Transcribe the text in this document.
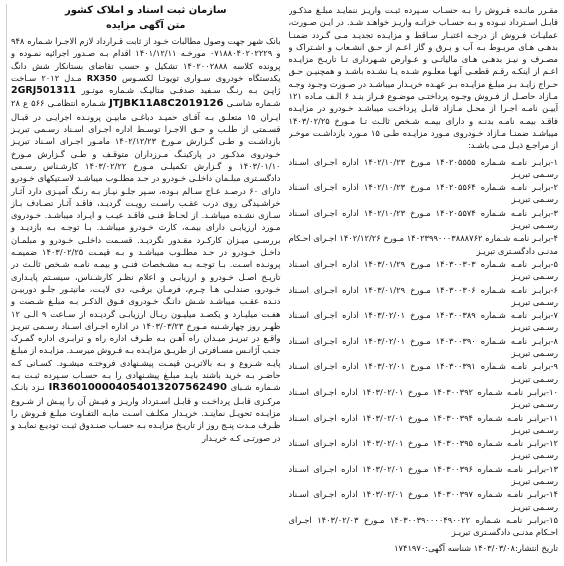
سازمان ثبت اسناد و املاک کشور
متن آگهی مزایده

بانک شهر جهت وصول مطالبات خـود از ثابت قـرارداد لازم الاجـرا شـماره ۹۴۸ و ۰۷۱۸۸۰۴۰۲۰۲۲۲۹ مورخـه ۱۴۰۱/۱۲/۱۱ اقدام بـه صـدور اجرائیه نمـوده و پرونده کلاسه ۱۴۰۲۰۰۲۸۸۸ تشکیل و حسب تقاضای بستانکار شش دانگ یکدستگاه خودروی سـواری تویوتـا لکسـوس RX350 مـدل ۲۰۱۲ سـاخت ژاپـن بـه رنـگ سـفید صدفـی متالیـک شـماره موتـور 2GRJ501311 شـماره شاسـی JTJBK11A8C2019126 شـماره انتظامـی ۵۶۶ ع ۲۸ ایـران ۱۵ متعلـق بـه آقـای حمیـد دباغـی مابیـن پرونـده اجرایـی در قبـال قسـمتی از طلـب و حـق الاجـرا توسـط اداره اجـرای اسـناد رسـمی تبریـز بازداشـت و طـی گـزارش مـورخ ۱۴۰۲/۱۲/۲۳ مامـور اجـرای اسـناد تبریـز خـودروی مذکـور در پارکینـگ مـرزداران متوقـف و طـی گـزارش مـورخ ۱۴۰۳/۰۱/۱۰ و گـزارش تکمیلـی مـورخ ۱۴۰۳/۰۲/۲۲ کارشـناس رسـمی دادگسـتری مبلـمان داخلـی خـودرو در حـد مطلـوب میباشـد لاسـتیکهای خـودرو دارای ۶۰ درصـد عـاج سـالم بـوده، سـپر جلـو نیـاز بـه رنـگ آمیـزی دارد آثـار خراشـیدگی روی درب عقـب راسـت رویـت گردیـد، فاقـد آثـار تصـادف بـاز سـازی نشـده میباشـد. از لحـاظ فنـی فاقـد عیـب و ایـراد میباشـد. خـودروی مـورد ارزیابـی دارای بیمـه، کارت خـودرو میباشـد. بـا توجـه بـه بازدیـد و بررسـی میـزان کارکـرد مقـدور نگردیـد. قسـمت داخلـی خـودرو و مبلمـان داخـل خـودرو در حـد مطلـوب میباشـد و بـه قیمـت ۱۴۰۳/۰۲/۲۵ ضمیمـه پرونـده اسـت. بـا توجـه بـه مشـخصات فنـی و بیمـه نامـه شـخص ثالـث در تاریـخ اصـل خـودرو و ارزیابـی و اعلام نظـر کارشـناس، سیسـتم پایـداری خـودرو، صندلـی هـا چـرم، فرمـان برقـی، دی لایـت، مانیتـور جلـو دوربیـن دنـده عقـب میباشـد شـش دانـگ خـودروی فـوق الذکـر بـه مبلـغ شـصت و هفـت میلیـارد و یکصـد میلیـون ریـال ارزیابـی گردیـده از سـاعت ۹ الـی ۱۲ ظهـر روز چهارشـنبه مـورخ ۱۴۰۳/۰۳/۲۳ در اداره اجـرای اسـناد رسـمی تبریـز واقـع در تبریـز میـدان راه آهـن بـه طـرف اداره راه و ترابـری اداره گمـرک جنـب آژانـس مسـافرتی از طریـق مزایـده بـه فـروش میرسـد. مزایـده از مبلـغ پایـه شـروع و بـه بالاتریـن قیمـت پیشـنهادی فروختـه میشـود. کسـانی کـه حاضـر بـه خرید باشند بایـد مبلـغ پیشـنهادی را بـه حسـاب سـپرده ثبـت بـه شـماره شـبای IR360100004054013207562490 نـزد بانـک مرکـزی قابـل پرداخـت و قابـل اسـترداد واریـز و فیـش آن را پیـش از شـروع مزایـده تحویـل نماینـد. خریـدار مکلـف اسـت مابـه التفـاوت مبلـغ فـروش را ظـرف مـدت پنـج روز از تاریـخ مزایـده بـه حسـاب صنـدوق ثبـت تودیـع نمایـد و در صورتـی کـه خریـدار

مقـرر مانـده فـروش را بـه حسـاب سـپرده ثبـت واریـز ننمایـد مبلـغ مذکـور قابـل اسـترداد نبـوده و بـه حسـاب خزانـه واریـز خواهـد شـد. در ایـن صـورت، عملیـات فـروش از درجـه اعتبـار سـاقط و مزایـده تجدیـد مـی گـردد ضمنـا بدهـی هـای مربـوط بـه آب و بـرق و گاز اعـم از حـق انشـعاب و اشـتراک و مصـرف و نیـز بدهـی هـای مالیاتـی و عـوارض شـهرداری تـا تاریـخ مزایـده اعـم از اینکـه رقـم قطعـی آنهـا معلـوم شـده یـا نشـده باشـد و همچنیـن حـق حـراج زایـد بـر مبلـغ مزایـده بـر عهـده خریـدار میباشـد در صـورت وجـود وجـه مـازاد حاصـل از فـروش وجـوه پرداختـی موضـوع فـراز بنـد ۶ الـف مـاده ۱۲۱ آییـن نامـه اجـرا از محـل مـازاد قابـل پرداخـت میباشـد خـودرو در مزایـده فاقـد بیمـه نامـه بدنـه و دارای بیمـه شـخص ثالـث تـا مـورخ ۱۴۰۳/۰۲/۲۵ میباشـد ضمنـا مـازاد خـودروی مـورد مزایـده طـی ۱۵ مـورد بازداشـت موخـر از مراجـع ذیـل مـی باشـد:

۱-برابـر نامـه شـماره ۱۴۰۲۰۵۵۵۵ مـورخ ۱۴۰۲/۱۰/۲۳ اداره اجـرای اسـناد رسـمی تبریـز
۲-برابـر نامـه شـماره ۱۴۰۲۰۵۵۶۴ مـورخ ۱۴۰۲/۱۰/۲۳ اداره اجـرای اسـناد رسـمی تبریـز
۳-برابـر نامـه شـماره ۱۴۰۲۰۵۵۷۴ مـورخ ۱۴۰۲/۱۰/۲۳ اداره اجـرای اسـناد رسـمی تبریـز
۴-برابـر نامـه شـماره ۱۴۰۲۳۹۹۰۰۰۳۸۸۸۷۶۲ مـورخ ۱۴۰۲/۱۲/۲۶ اجـرای احـکام مدنـی دادگسـتری تبریـز
۵-برابـر نامـه شـماره ۱۴۰۳۰۰۳۰۳ مـورخ ۱۴۰۳/۰۱/۲۹ اداره اجـرای اسـناد رسـمی تبریـز
۶-برابـر نامـه شـماره ۱۴۰۳۰۰۳۰۶ مـورخ ۱۴۰۳/۰۱/۲۹ اداره اجـرای اسـناد رسـمی تبریـز
۷-برابـر نامـه شـماره ۱۴۰۳۰۰۳۸۹ مـورخ ۱۴۰۳/۰۲/۰۱ اداره اجـرای اسـناد رسـمی تبریـز
۸-برابـر نامـه شـماره ۱۴۰۳۰۰۳۹۰ مـورخ ۱۴۰۳/۰۲/۰۱ اداره اجـرای اسـناد رسـمی تبریـز
۹-برابـر نامـه شـماره ۱۴۰۳۰۰۳۹۱ مـورخ ۱۴۰۳/۰۲/۰۱ اداره اجـرای اسـناد رسـمی تبریـز
۱۰-برابـر نامـه شـماره ۱۴۰۳۰۰۳۹۲ مـورخ ۱۴۰۳/۰۲/۰۱ اداره اجـرای اسـناد رسـمی تبریـز
۱۱-برابـر نامـه شـماره ۱۴۰۳۰۰۳۹۴ مـورخ ۱۴۰۳/۰۲/۰۱ اداره اجـرای اسـناد رسـمی تبریـز
۱۲-برابـر نامـه شـماره ۱۴۰۳۰۰۳۹۵ مـورخ ۱۴۰۳/۰۲/۰۱ اداره اجـرای اسـناد رسـمی تبریـز
۱۳-برابـر نامـه شـماره ۱۴۰۳۰۰۳۹۶ مـورخ ۱۴۰۳/۰۲/۰۱ اداره اجـرای اسـناد رسـمی تبریـز
۱۴-برابـر نامـه شـماره ۱۴۰۳۰۰۳۹۷ مـورخ ۱۴۰۳/۰۲/۰۱ اداره اجـرای اسـناد رسـمی تبریـز
۱۵-برابـر نامـه شـماره ۱۴۰۳۰۰۳۹۰۰۰۰۴۹۰۰۲۲ مـورخ ۱۴۰۳/۰۲/۰۳ اجـرای احـکام مدنـی دادگسـتری تبریـز
تاریخ انتشار:۱۴۰۳/۰۳/۰۸ شناسه آگهی:۱۷۴۱۹۷۰
